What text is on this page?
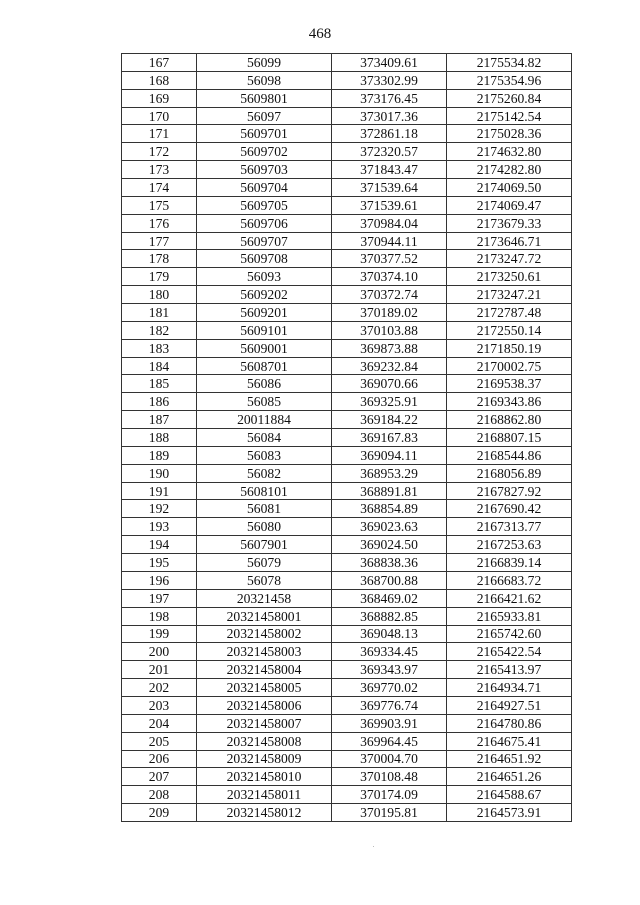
468
167	56099	373409.61	2175534.82
168	56098	373302.99	2175354.96
169	5609801	373176.45	2175260.84
170	56097	373017.36	2175142.54
171	5609701	372861.18	2175028.36
172	5609702	372320.57	2174632.80
173	5609703	371843.47	2174282.80
174	5609704	371539.64	2174069.50
175	5609705	371539.61	2174069.47
176	5609706	370984.04	2173679.33
177	5609707	370944.11	2173646.71
178	5609708	370377.52	2173247.72
179	56093	370374.10	2173250.61
180	5609202	370372.74	2173247.21
181	5609201	370189.02	2172787.48
182	5609101	370103.88	2172550.14
183	5609001	369873.88	2171850.19
184	5608701	369232.84	2170002.75
185	56086	369070.66	2169538.37
186	56085	369325.91	2169343.86
187	20011884	369184.22	2168862.80
188	56084	369167.83	2168807.15
189	56083	369094.11	2168544.86
190	56082	368953.29	2168056.89
191	5608101	368891.81	2167827.92
192	56081	368854.89	2167690.42
193	56080	369023.63	2167313.77
194	5607901	369024.50	2167253.63
195	56079	368838.36	2166839.14
196	56078	368700.88	2166683.72
197	20321458	368469.02	2166421.62
198	20321458001	368882.85	2165933.81
199	20321458002	369048.13	2165742.60
200	20321458003	369334.45	2165422.54
201	20321458004	369343.97	2165413.97
202	20321458005	369770.02	2164934.71
203	20321458006	369776.74	2164927.51
204	20321458007	369903.91	2164780.86
205	20321458008	369964.45	2164675.41
206	20321458009	370004.70	2164651.92
207	20321458010	370108.48	2164651.26
208	20321458011	370174.09	2164588.67
209	20321458012	370195.81	2164573.91
